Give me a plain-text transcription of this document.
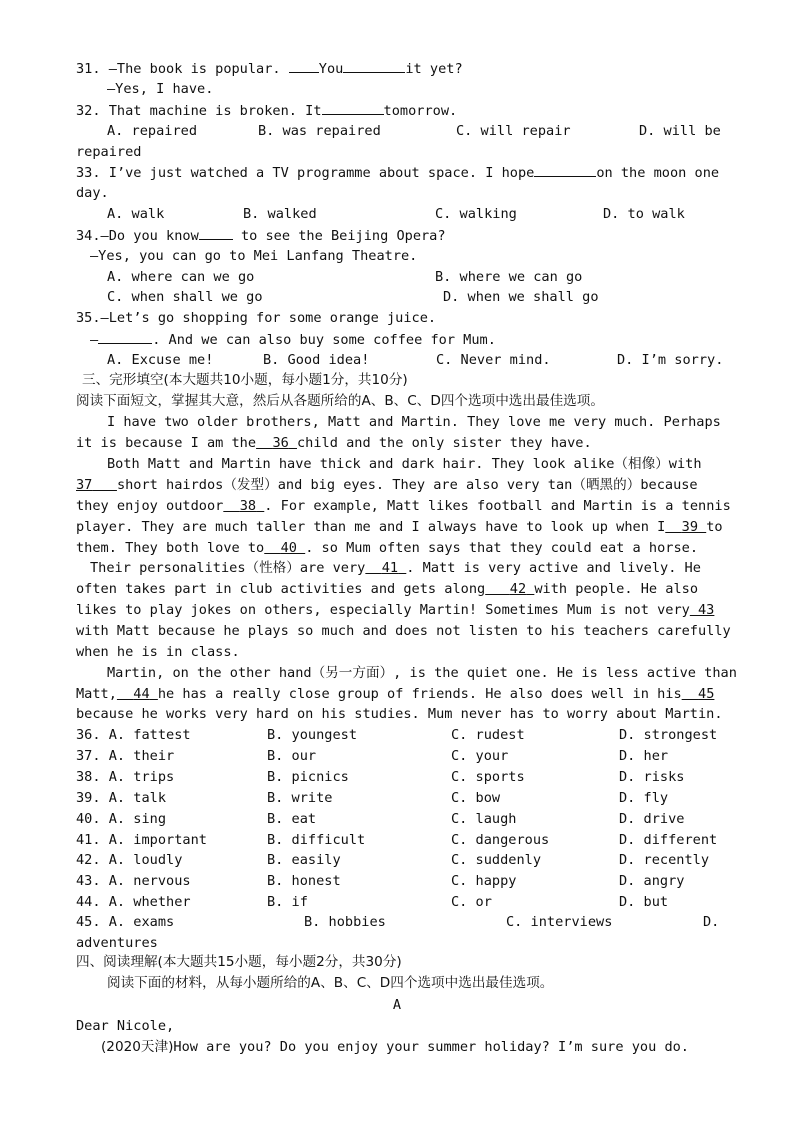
31. —The book is popular. You	it yet?
—Yes, I have.
32. That machine is broken. It	tomorrow.
A. repaired	B. was repaired	C. will repair	D. will be
repaired
33. I’ve just watched a TV programme about space. I hope	on the moon one
day.
A. walk	B. walked	C. walking	D. to walk
34.—Do you know	to see the Beijing Opera?
—Yes, you can go to Mei Lanfang Theatre.
A. where can we go	B. where we can go
C. when shall we go	D. when we shall go
35.—Let’s go shopping for some orange juice.
—	. And we can also buy some coffee for Mum.
A. Excuse me!	B. Good idea!	C. Never mind.	D. I’m sorry.
三、完形填空(本大题共10小题，每小题1分，共10分)
阅读下面短文，掌握其大意，然后从各题所给的A、B、C、D四个选项中选出最佳选项。
I have two older brothers, Matt and Martin. They love me very much. Perhaps
it is because I am the 36 child and the only sister they have.
Both Matt and Martin have thick and dark hair. They look alike（相像）with
37 short hairdos（发型）and big eyes. They are also very tan（晒黑的）because
they enjoy outdoor 38 . For example, Matt likes football and Martin is a tennis
player. They are much taller than me and I always have to look up when I 39 to
them. They both love to 40 . so Mum often says that they could eat a horse.
Their personalities（性格）are very 41 . Matt is very active and lively. He
often takes part in club activities and gets along 42 with people. He also
likes to play jokes on others, especially Martin! Sometimes Mum is not very 43
with Matt because he plays so much and does not listen to his teachers carefully
when he is in class.
Martin, on the other hand（另一方面）, is the quiet one. He is less active than
Matt, 44 he has a really close group of friends. He also does well in his 45
because he works very hard on his studies. Mum never has to worry about Martin.
36. A. fattest	B. youngest	C. rudest	D. strongest
37. A. their	B. our	C. your	D. her
38. A. trips	B. picnics	C. sports	D. risks
39. A. talk	B. write	C. bow	D. fly
40. A. sing	B. eat	C. laugh	D. drive
41. A. important	B. difficult	C. dangerous	D. different
42. A. loudly	B. easily	C. suddenly	D. recently
43. A. nervous	B. honest	C. happy	D. angry
44. A. whether	B. if	C. or	D. but
45. A. exams	B. hobbies	C. interviews	D.
adventures
四、阅读理解(本大题共15小题，每小题2分，共30分)
阅读下面的材料，从每小题所给的A、B、C、D四个选项中选出最佳选项。
A
Dear Nicole,
(2020天津)How are you? Do you enjoy your summer holiday? I’m sure you do.
